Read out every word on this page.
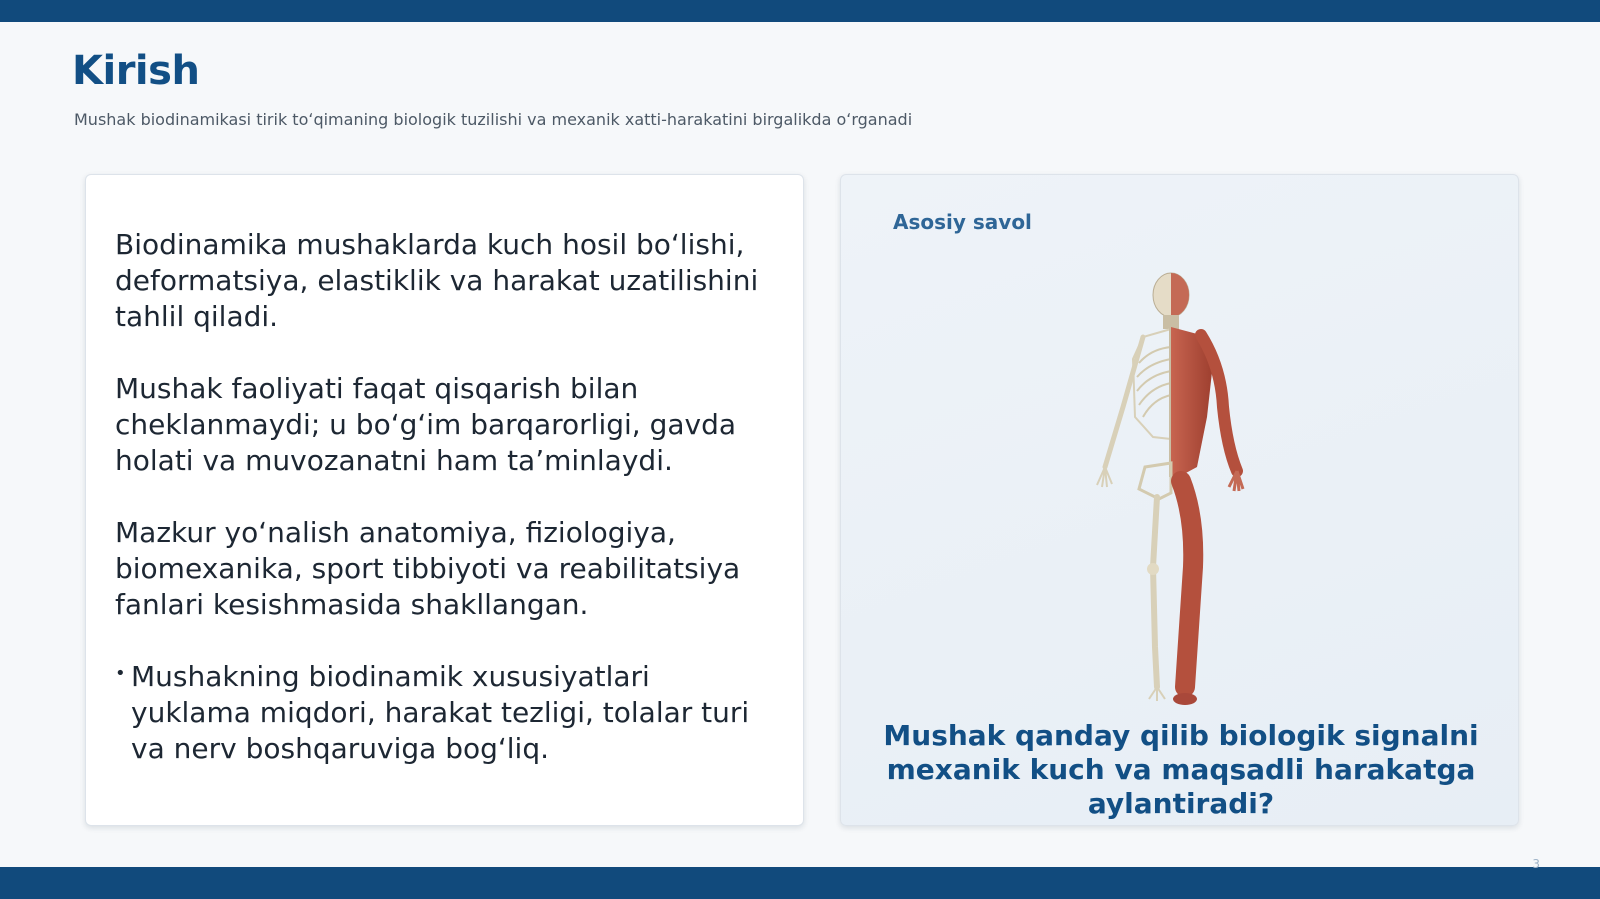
Kirish

Mushak biodinamikasi tirik toʻqimaning biologik tuzilishi va mexanik xatti-harakatini birgalikda oʻrganadi

Biodinamika mushaklarda kuch hosil boʻlishi, deformatsiya, elastiklik va harakat uzatilishini tahlil qiladi.

Mushak faoliyati faqat qisqarish bilan cheklanmaydi; u boʻgʻim barqarorligi, gavda holati va muvozanatni ham ta’minlaydi.

Mazkur yoʻnalish anatomiya, fiziologiya, biomexanika, sport tibbiyoti va reabilitatsiya fanlari kesishmasida shakllangan.

• Mushakning biodinamik xususiyatlari yuklama miqdori, harakat tezligi, tolalar turi va nerv boshqaruviga bogʻliq.

Asosiy savol

Mushak qanday qilib biologik signalni mexanik kuch va maqsadli harakatga aylantiradi?

3
